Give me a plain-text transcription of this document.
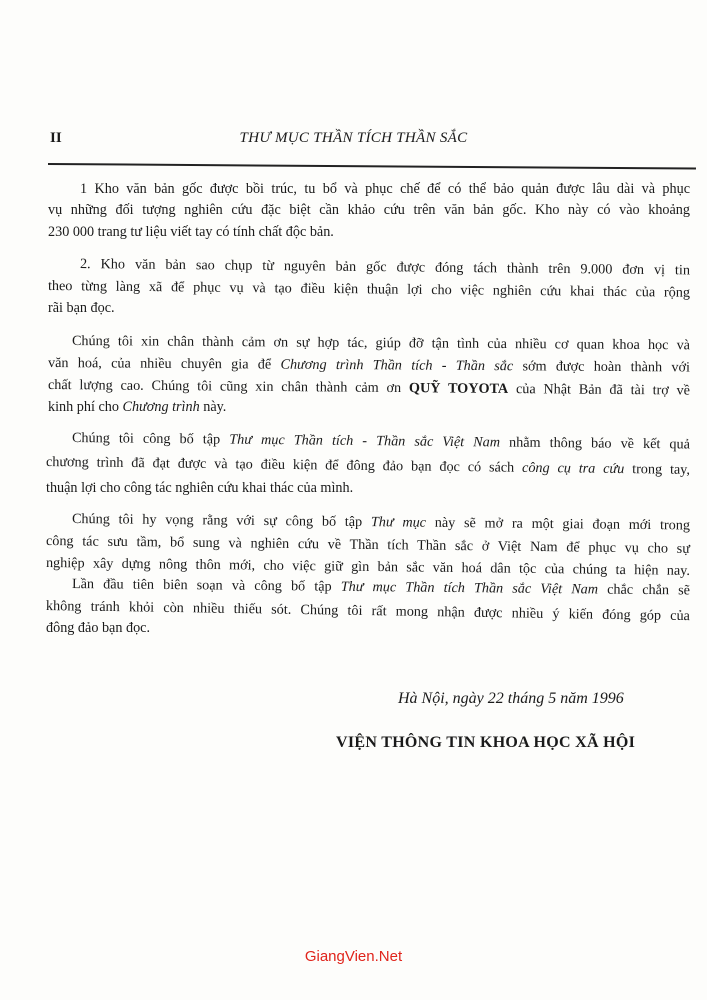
II	THƯ MỤC THẦN TÍCH THẦN SẮC
1 Kho văn bản gốc được bồi trúc, tu bổ và phục chế để có thể bảo quản được lâu dài và phục
vụ những đối tượng nghiên cứu đặc biệt cần khảo cứu trên văn bản gốc. Kho này có vào khoảng
230 000 trang tư liệu viết tay có tính chất độc bản.
2. Kho văn bản sao chụp từ nguyên bản gốc được đóng tách thành trên 9.000 đơn vị tin
theo từng làng xã để phục vụ và tạo điều kiện thuận lợi cho việc nghiên cứu khai thác của rộng
rãi bạn đọc.
Chúng tôi xin chân thành cảm ơn sự hợp tác, giúp đỡ tận tình của nhiều cơ quan khoa học và
văn hoá, của nhiều chuyên gia để Chương trình Thần tích - Thần sắc sớm được hoàn thành với
chất lượng cao. Chúng tôi cũng xin chân thành cảm ơn QUỸ TOYOTA của Nhật Bản đã tài trợ về
kinh phí cho Chương trình này.
Chúng tôi công bố tập Thư mục Thần tích - Thần sắc Việt Nam nhằm thông báo về kết quả
chương trình đã đạt được và tạo điều kiện để đông đảo bạn đọc có sách công cụ tra cứu trong tay,
thuận lợi cho công tác nghiên cứu khai thác của mình.
Chúng tôi hy vọng rằng với sự công bố tập Thư mục này sẽ mở ra một giai đoạn mới trong
công tác sưu tầm, bổ sung và nghiên cứu về Thần tích Thần sắc ở Việt Nam để phục vụ cho sự
nghiệp xây dựng nông thôn mới, cho việc giữ gìn bản sắc văn hoá dân tộc của chúng ta hiện nay.
Lần đầu tiên biên soạn và công bố tập Thư mục Thần tích Thần sắc Việt Nam chắc chắn sẽ
không tránh khỏi còn nhiều thiếu sót. Chúng tôi rất mong nhận được nhiều ý kiến đóng góp của
đông đảo bạn đọc.
Hà Nội, ngày 22 tháng 5 năm 1996
VIỆN THÔNG TIN KHOA HỌC XÃ HỘI
GiangVien.Net
